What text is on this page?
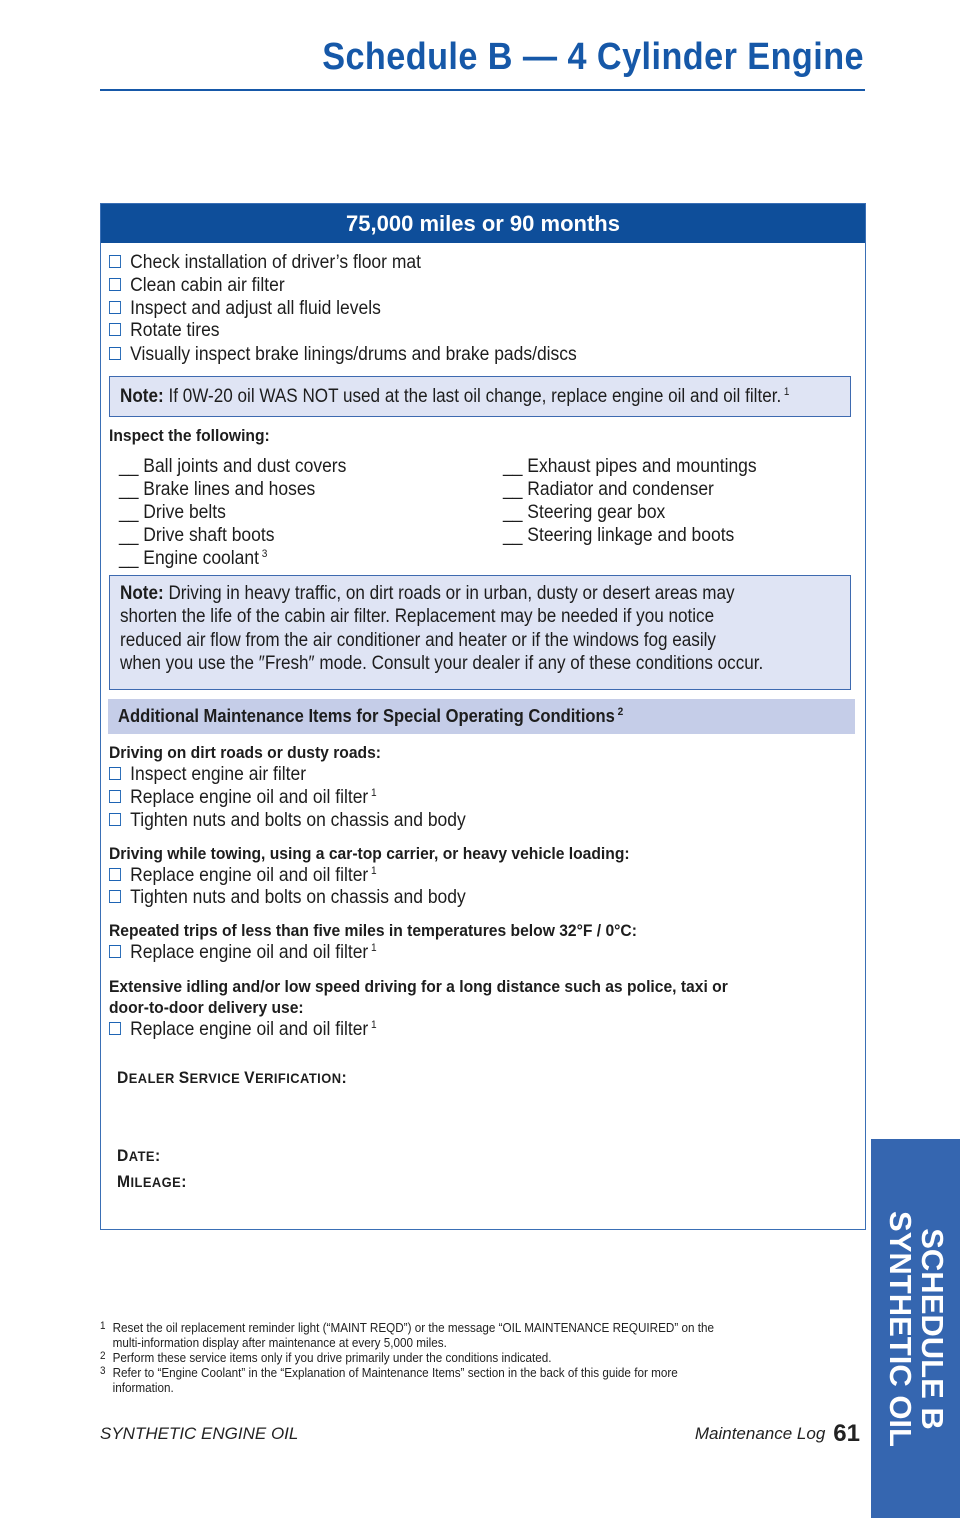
Schedule B — 4 Cylinder Engine
75,000 miles or 90 months
Check installation of driver’s floor mat
Clean cabin air filter
Inspect and adjust all fluid levels
Rotate tires
Visually inspect brake linings/drums and brake pads/discs
Note: If 0W-20 oil WAS NOT used at the last oil change, replace engine oil and oil filter. $^1$
Inspect the following:
__ Ball joints and dust covers
__ Brake lines and hoses
__ Drive belts
__ Drive shaft boots
__ Engine coolant $^3$
__ Exhaust pipes and mountings
__ Radiator and condenser
__ Steering gear box
__ Steering linkage and boots
Note: Driving in heavy traffic, on dirt roads or in urban, dusty or desert areas may
shorten the life of the cabin air filter. Replacement may be needed if you notice
reduced air flow from the air conditioner and heater or if the windows fog easily
when you use the ″Fresh″ mode. Consult your dealer if any of these conditions occur.
Additional Maintenance Items for Special Operating Conditions $^2$
Driving on dirt roads or dusty roads:
Inspect engine air filter
Replace engine oil and oil filter $^1$
Tighten nuts and bolts on chassis and body
Driving while towing, using a car-top carrier, or heavy vehicle loading:
Replace engine oil and oil filter $^1$
Tighten nuts and bolts on chassis and body
Repeated trips of less than five miles in temperatures below 32°F / 0°C:
Replace engine oil and oil filter $^1$
Extensive idling and/or low speed driving for a long distance such as police, taxi or
door-to-door delivery use:
Replace engine oil and oil filter $^1$
DEALER SERVICE VERIFICATION:
DATE:
MILEAGE:
1 Reset the oil replacement reminder light (“MAINT REQD”) or the message “OIL MAINTENANCE REQUIRED” on the
multi-information display after maintenance at every 5,000 miles.
2 Perform these service items only if you drive primarily under the conditions indicated.
3 Refer to “Engine Coolant” in the “Explanation of Maintenance Items” section in the back of this guide for more
information.
SYNTHETIC ENGINE OIL	Maintenance Log 61
SCHEDULE B
SYNTHETIC OIL
